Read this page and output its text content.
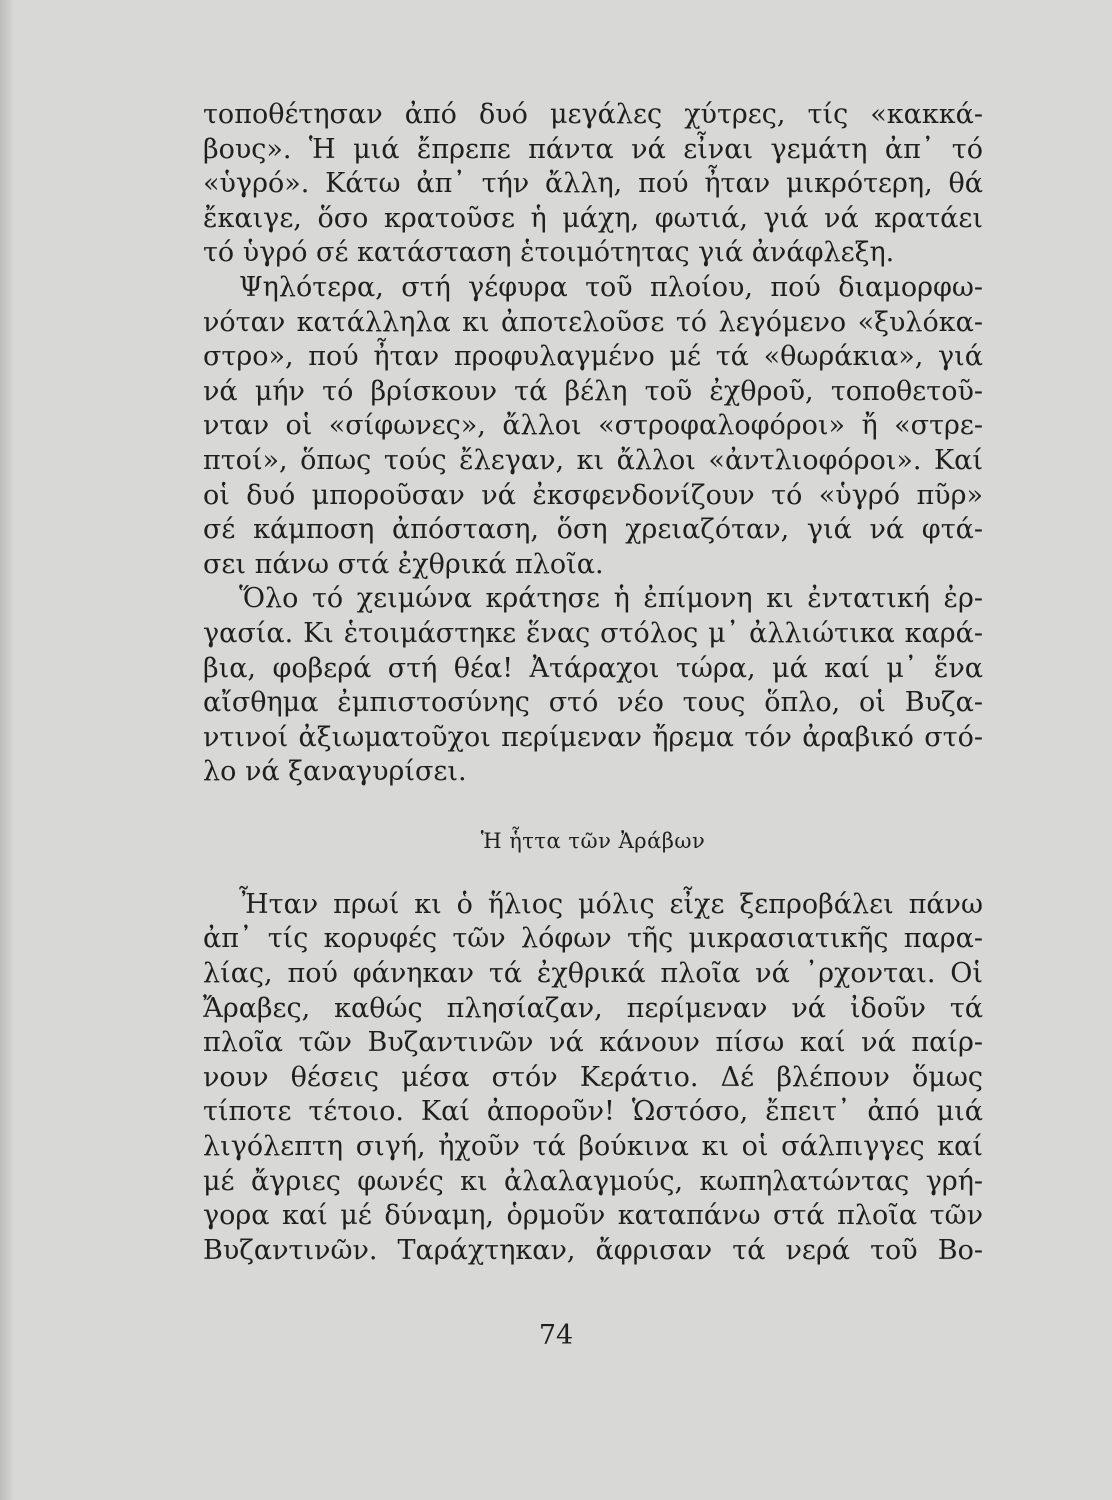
τοποθέτησαν ἀπό δυό μεγάλες χύτρες, τίς «κακκά-
βους». Ἡ μιά ἔπρεπε πάντα νά εἶναι γεμάτη ἀπ᾽ τό
«ὑγρό». Κάτω ἀπ᾽ τήν ἄλλη, πού ἦταν μικρότερη, θά
ἔκαιγε, ὅσο κρατοῦσε ἡ μάχη, φωτιά, γιά νά κρατάει
τό ὑγρό σέ κατάσταση ἑτοιμότητας γιά ἀνάφλεξη.
Ψηλότερα, στή γέφυρα τοῦ πλοίου, πού διαμορφω-
νόταν κατάλληλα κι ἀποτελοῦσε τό λεγόμενο «ξυλόκα-
στρο», πού ἦταν προφυλαγμένο μέ τά «θωράκια», γιά
νά μήν τό βρίσκουν τά βέλη τοῦ ἐχθροῦ, τοποθετοῦ-
νταν οἱ «σίφωνες», ἄλλοι «στροφαλοφόροι» ἤ «στρε-
πτοί», ὅπως τούς ἔλεγαν, κι ἄλλοι «ἀντλιοφόροι». Καί
οἱ δυό μποροῦσαν νά ἐκσφενδονίζουν τό «ὑγρό πῦρ»
σέ κάμποση ἀπόσταση, ὅση χρειαζόταν, γιά νά φτά-
σει πάνω στά ἐχθρικά πλοῖα.
Ὅλο τό χειμώνα κράτησε ἡ ἐπίμονη κι ἐντατική ἐρ-
γασία. Κι ἑτοιμάστηκε ἕνας στόλος μ᾽ ἀλλιώτικα καρά-
βια, φοβερά στή θέα! Ἀτάραχοι τώρα, μά καί μ᾽ ἕνα
αἴσθημα ἐμπιστοσύνης στό νέο τους ὅπλο, οἱ Βυζα-
ντινοί ἀξιωματοῦχοι περίμεναν ἤρεμα τόν ἀραβικό στό-
λο νά ξαναγυρίσει.
Ἡ ἧττα τῶν Ἀράβων
Ἦταν πρωί κι ὁ ἥλιος μόλις εἶχε ξεπροβάλει πάνω
ἀπ᾽ τίς κορυφές τῶν λόφων τῆς μικρασιατικῆς παρα-
λίας, πού φάνηκαν τά ἐχθρικά πλοῖα νά ᾽ρχονται. Οἱ
Ἄραβες, καθώς πλησίαζαν, περίμεναν νά ἰδοῦν τά
πλοῖα τῶν Βυζαντινῶν νά κάνουν πίσω καί νά παίρ-
νουν θέσεις μέσα στόν Κεράτιο. Δέ βλέπουν ὅμως
τίποτε τέτοιο. Καί ἀποροῦν! Ὡστόσο, ἔπειτ᾽ ἀπό μιά
λιγόλεπτη σιγή, ἠχοῦν τά βούκινα κι οἱ σάλπιγγες καί
μέ ἄγριες φωνές κι ἀλαλαγμούς, κωπηλατώντας γρή-
γορα καί μέ δύναμη, ὁρμοῦν καταπάνω στά πλοῖα τῶν
Βυζαντινῶν. Ταράχτηκαν, ἄφρισαν τά νερά τοῦ Βο-
74
